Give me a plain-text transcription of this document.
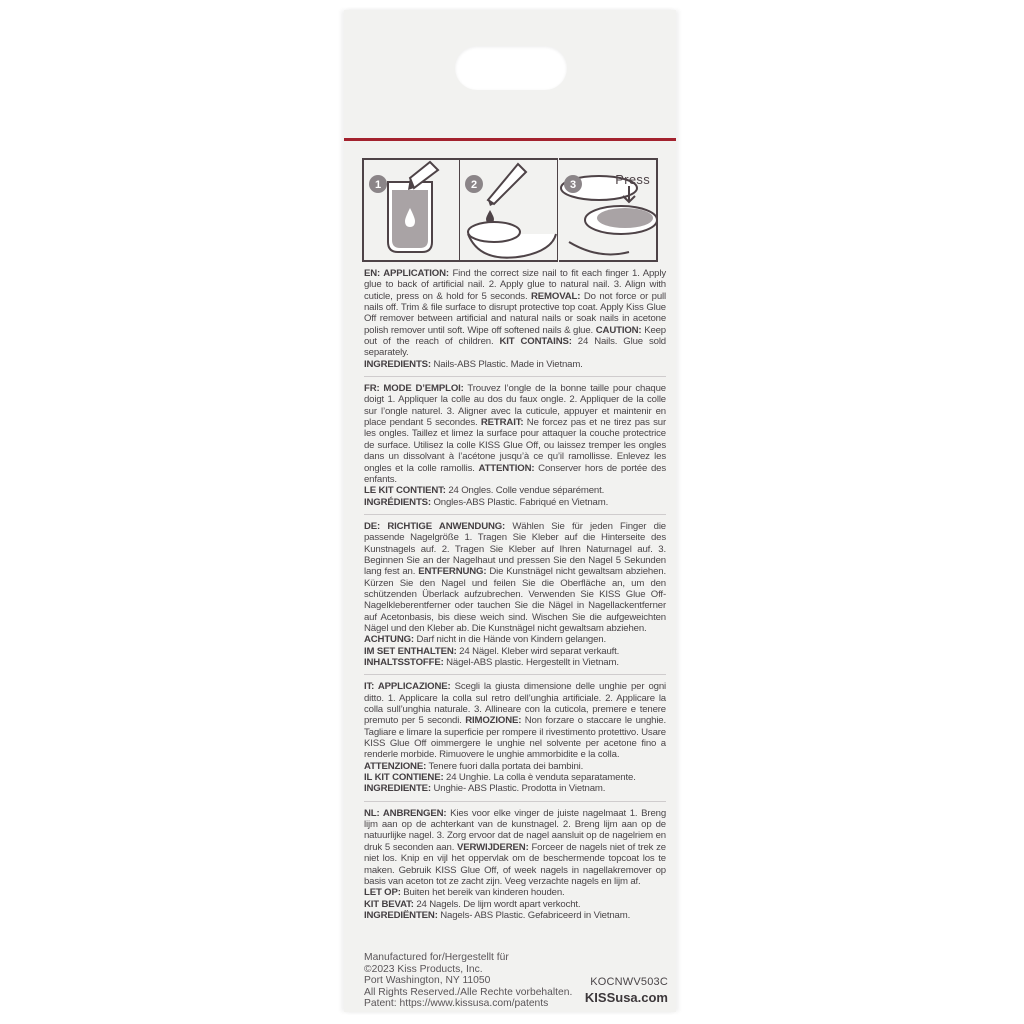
1	2	3	Press
EN: APPLICATION: Find the correct size nail to fit each finger 1. Apply glue to back of artificial nail. 2. Apply glue to natural nail. 3. Align with cuticle, press on & hold for 5 seconds. REMOVAL: Do not force or pull nails off. Trim & file surface to disrupt protective top coat. Apply Kiss Glue Off remover between artificial and natural nails or soak nails in acetone polish remover until soft. Wipe off softened nails & glue. CAUTION: Keep out of the reach of children. KIT CONTAINS: 24 Nails. Glue sold separately.
INGREDIENTS: Nails-ABS Plastic. Made in Vietnam.
FR: MODE D’EMPLOI: Trouvez l’ongle de la bonne taille pour chaque doigt 1. Appliquer la colle au dos du faux ongle. 2. Appliquer de la colle sur l’ongle naturel. 3. Aligner avec la cuticule, appuyer et maintenir en place pendant 5 secondes. RETRAIT: Ne forcez pas et ne tirez pas sur les ongles. Taillez et limez la surface pour attaquer la couche protectrice de surface. Utilisez la colle KISS Glue Off, ou laissez tremper les ongles dans un dissolvant à l’acétone jusqu’à ce qu’il ramollisse. Enlevez les ongles et la colle ramollis. ATTENTION: Conserver hors de portée des enfants.
LE KIT CONTIENT: 24 Ongles. Colle vendue séparément.
INGRÉDIENTS: Ongles-ABS Plastic. Fabriqué en Vietnam.
DE: RICHTIGE ANWENDUNG: Wählen Sie für jeden Finger die passende Nagelgröße 1. Tragen Sie Kleber auf die Hinterseite des Kunstnagels auf. 2. Tragen Sie Kleber auf Ihren Naturnagel auf. 3. Beginnen Sie an der Nagelhaut und pressen Sie den Nagel 5 Sekunden lang fest an. ENTFERNUNG: Die Kunstnägel nicht gewaltsam abziehen. Kürzen Sie den Nagel und feilen Sie die Oberfläche an, um den schützenden Überlack aufzubrechen. Verwenden Sie KISS Glue Off-Nagelkleberentferner oder tauchen Sie die Nägel in Nagellackentferner auf Acetonbasis, bis diese weich sind. Wischen Sie die aufgeweichten Nägel und den Kleber ab. Die Kunstnägel nicht gewaltsam abziehen.
ACHTUNG: Darf nicht in die Hände von Kindern gelangen.
IM SET ENTHALTEN: 24 Nägel. Kleber wird separat verkauft.
INHALTSSTOFFE: Nägel-ABS plastic. Hergestellt in Vietnam.
IT: APPLICAZIONE: Scegli la giusta dimensione delle unghie per ogni ditto. 1. Applicare la colla sul retro dell’unghia artificiale. 2. Applicare la colla sull’unghia naturale. 3. Allineare con la cuticola, premere e tenere premuto per 5 secondi. RIMOZIONE: Non forzare o staccare le unghie. Tagliare e limare la superficie per rompere il rivestimento protettivo. Usare KISS Glue Off oimmergere le unghie nel solvente per acetone fino a renderle morbide. Rimuovere le unghie ammorbidite e la colla.
ATTENZIONE: Tenere fuori dalla portata dei bambini.
IL KIT CONTIENE: 24 Unghie. La colla è venduta separatamente.
INGREDIENTE: Unghie- ABS Plastic. Prodotta in Vietnam.
NL: ANBRENGEN: Kies voor elke vinger de juiste nagelmaat 1. Breng lijm aan op de achterkant van de kunstnagel. 2. Breng lijm aan op de natuurlijke nagel. 3. Zorg ervoor dat de nagel aansluit op de nagelriem en druk 5 seconden aan. VERWIJDEREN: Forceer de nagels niet of trek ze niet los. Knip en vijl het oppervlak om de beschermende topcoat los te maken. Gebruik KISS Glue Off, of week nagels in nagellakremover op basis van aceton tot ze zacht zijn. Veeg verzachte nagels en lijm af.
LET OP: Buiten het bereik van kinderen houden.
KIT BEVAT: 24 Nagels. De lijm wordt apart verkocht.
INGREDIËNTEN: Nagels- ABS Plastic. Gefabriceerd in Vietnam.
Manufactured for/Hergestellt für
©2023 Kiss Products, Inc.
Port Washington, NY 11050
All Rights Reserved./Alle Rechte vorbehalten.
Patent: https://www.kissusa.com/patents
KOCNWV503C
KISSusa.com
